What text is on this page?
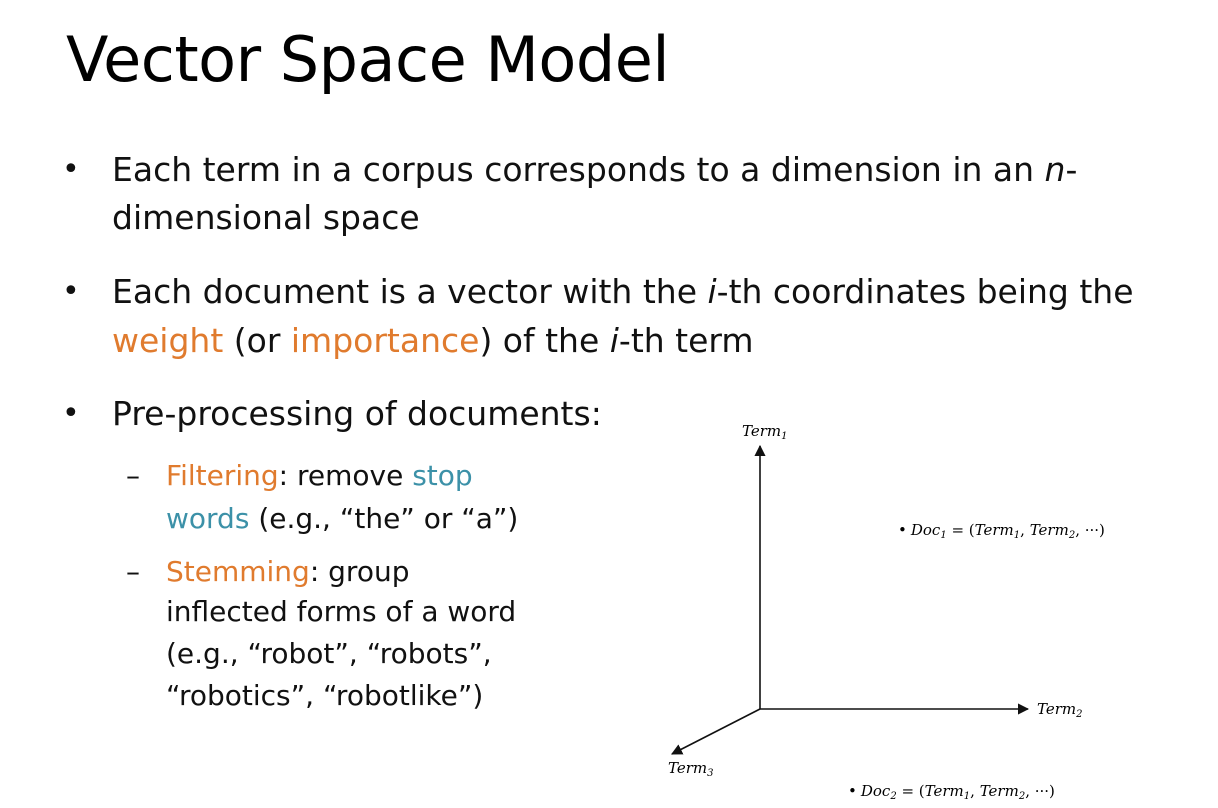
Vector Space Model
• Each term in a corpus corresponds to a dimension in an n-
dimensional space
• Each document is a vector with the i-th coordinates being the
weight (or importance) of the i-th term
• Pre-processing of documents:
– Filtering: remove stop
words (e.g., “the” or “a”)
– Stemming: group
inflected forms of a word
(e.g., “robot”, “robots”,
“robotics”, “robotlike”)
Term$_1$
Term$_2$
Term$_3$
• Doc$_1$ = (Term$_1$, Term$_2$, ···)
• Doc$_2$ = (Term$_1$, Term$_2$, ···)
